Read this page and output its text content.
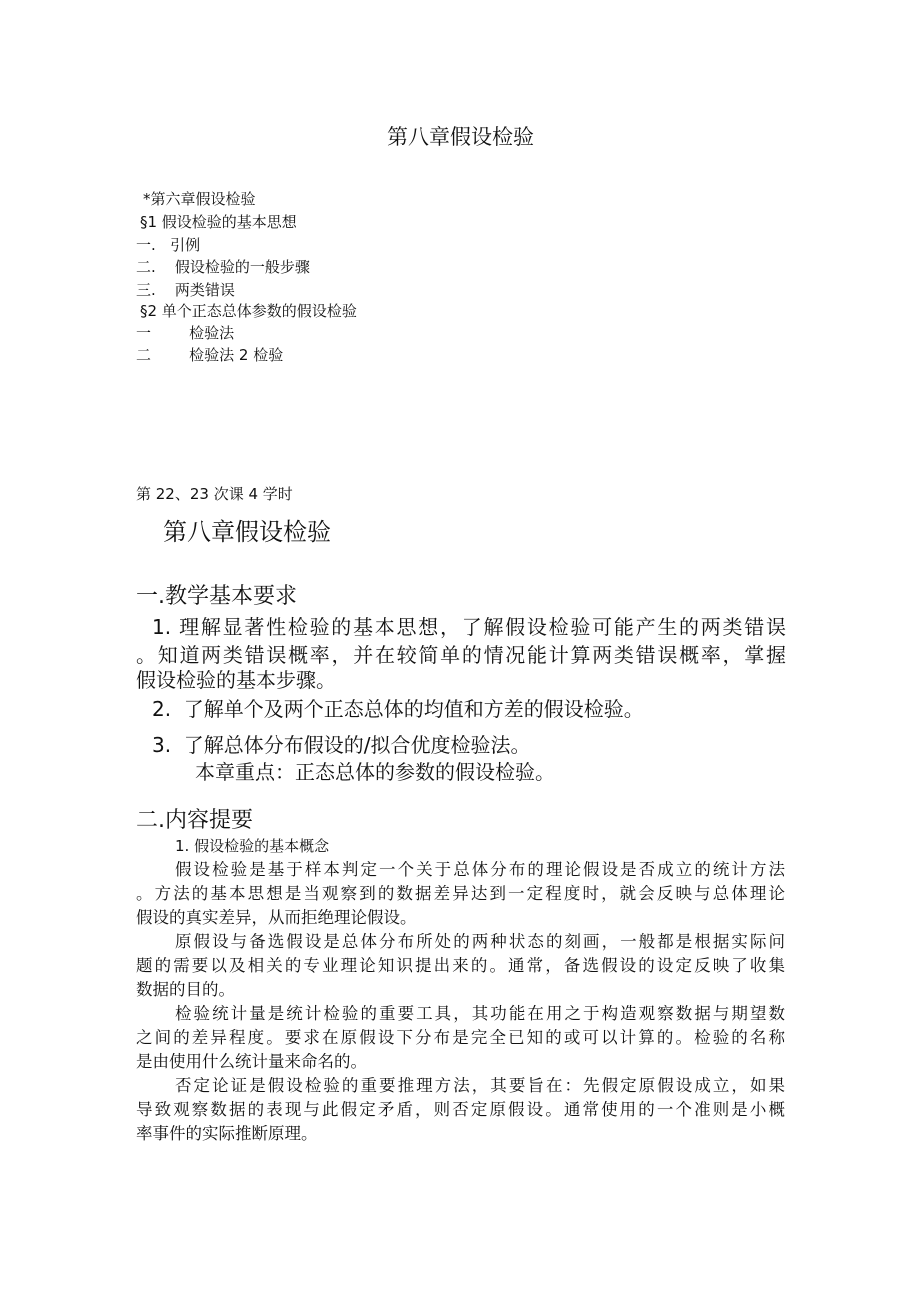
第八章假设检验
*第六章假设检验
§1 假设检验的基本思想
一.   引例
二.    假设检验的一般步骤
三.    两类错误
§2 单个正态总体参数的假设检验
一        检验法
二        检验法 2 检验
第 22、23 次课 4 学时
第八章假设检验
一.教学基本要求
1. 理解显著性检验的基本思想，了解假设检验可能产生的两类错误
。知道两类错误概率，并在较简单的情况能计算两类错误概率，掌握
假设检验的基本步骤。
2.  了解单个及两个正态总体的均值和方差的假设检验。
3.  了解总体分布假设的/拟合优度检验法。
本章重点：正态总体的参数的假设检验。
二.内容提要
1. 假设检验的基本概念
假设检验是基于样本判定一个关于总体分布的理论假设是否成立的统计方法
。方法的基本思想是当观察到的数据差异达到一定程度时，就会反映与总体理论
假设的真实差异，从而拒绝理论假设。
原假设与备选假设是总体分布所处的两种状态的刻画，一般都是根据实际问
题的需要以及相关的专业理论知识提出来的。通常，备选假设的设定反映了收集
数据的目的。
检验统计量是统计检验的重要工具，其功能在用之于构造观察数据与期望数
之间的差异程度。要求在原假设下分布是完全已知的或可以计算的。检验的名称
是由使用什么统计量来命名的。
否定论证是假设检验的重要推理方法，其要旨在：先假定原假设成立，如果
导致观察数据的表现与此假定矛盾，则否定原假设。通常使用的一个准则是小概
率事件的实际推断原理。
